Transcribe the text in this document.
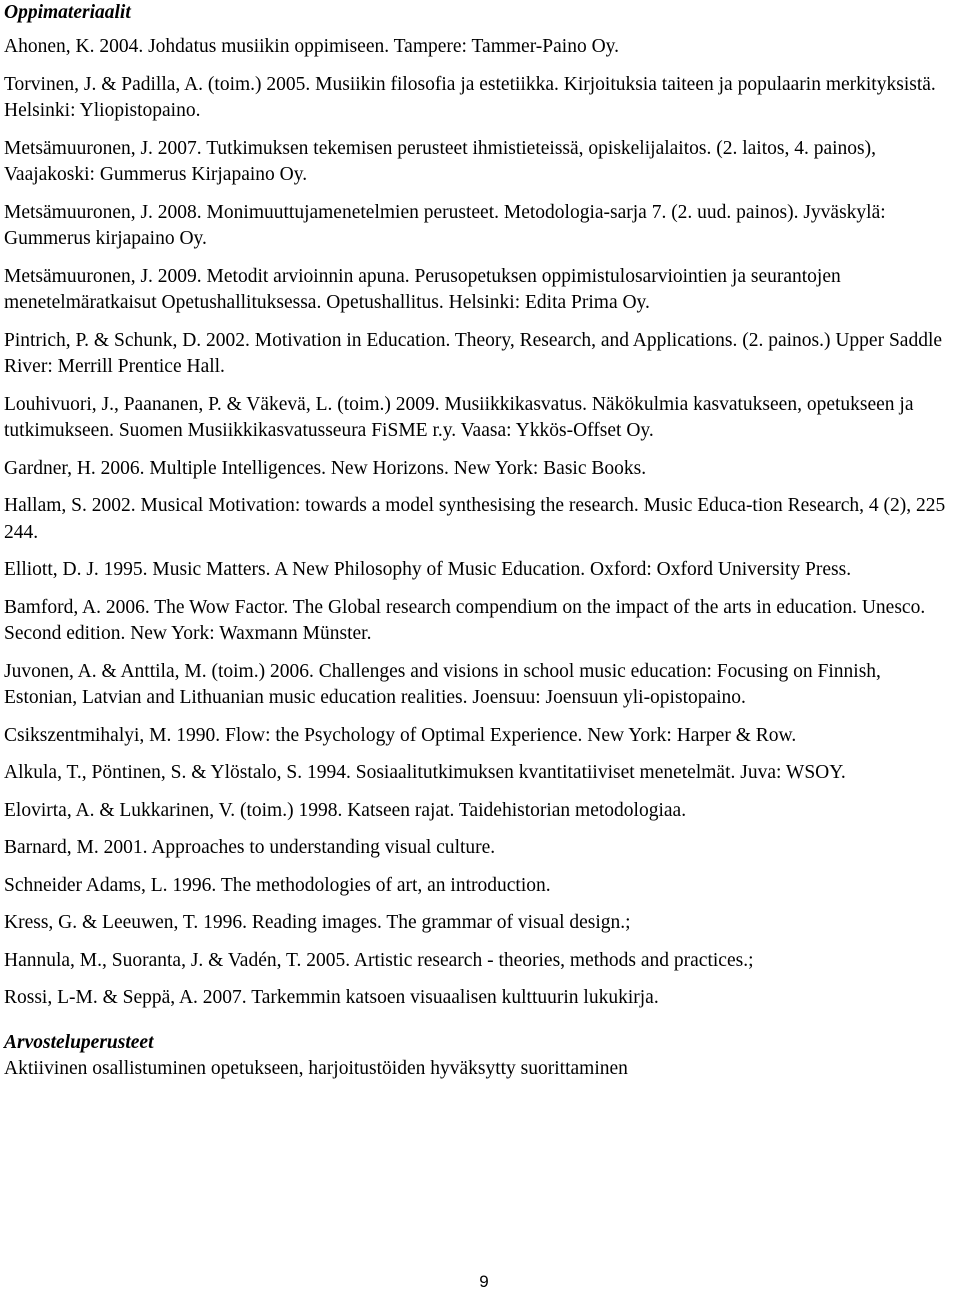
Oppimateriaalit
Ahonen, K. 2004. Johdatus musiikin oppimiseen. Tampere: Tammer-Paino Oy.
Torvinen, J. & Padilla, A. (toim.) 2005. Musiikin filosofia ja estetiikka. Kirjoituksia taiteen ja populaarin merkityksistä. Helsinki: Yliopistopaino.
Metsämuuronen, J. 2007. Tutkimuksen tekemisen perusteet ihmistieteissä, opiskelijalaitos. (2. laitos, 4. painos), Vaajakoski: Gummerus Kirjapaino Oy.
Metsämuuronen, J. 2008. Monimuuttujamenetelmien perusteet. Metodologia-sarja 7. (2. uud. painos). Jyväskylä: Gummerus kirjapaino Oy.
Metsämuuronen, J. 2009. Metodit arvioinnin apuna. Perusopetuksen oppimistulosarviointien ja seurantojen menetelmäratkaisut Opetushallituksessa. Opetushallitus. Helsinki: Edita Prima Oy.
Pintrich, P. & Schunk, D. 2002. Motivation in Education. Theory, Research, and Applications. (2. painos.) Upper Saddle River: Merrill Prentice Hall.
Louhivuori, J., Paananen, P. & Väkevä, L. (toim.) 2009. Musiikkikasvatus. Näkökulmia kasvatukseen, opetukseen ja tutkimukseen. Suomen Musiikkikasvatusseura FiSME r.y. Vaasa: Ykkös-Offset Oy.
Gardner, H. 2006. Multiple Intelligences. New Horizons. New York: Basic Books.
Hallam, S. 2002. Musical Motivation: towards a model synthesising the research. Music Educa-tion Research, 4 (2), 225 244.
Elliott, D. J. 1995. Music Matters. A New Philosophy of Music Education. Oxford: Oxford University Press.
Bamford, A. 2006. The Wow Factor. The Global research compendium on the impact of the arts in education. Unesco. Second edition. New York: Waxmann Münster.
Juvonen, A. & Anttila, M. (toim.) 2006. Challenges and visions in school music education: Focusing on Finnish, Estonian, Latvian and Lithuanian music education realities. Joensuu: Joensuun yli-opistopaino.
Csikszentmihalyi, M. 1990. Flow: the Psychology of Optimal Experience. New York: Harper & Row.
Alkula, T., Pöntinen, S. & Ylöstalo, S. 1994. Sosiaalitutkimuksen kvantitatiiviset menetelmät. Juva: WSOY.
Elovirta, A. & Lukkarinen, V. (toim.) 1998. Katseen rajat. Taidehistorian metodologiaa.
Barnard, M. 2001. Approaches to understanding visual culture.
Schneider Adams, L. 1996. The methodologies of art, an introduction.
Kress, G. & Leeuwen, T. 1996. Reading images. The grammar of visual design.;
Hannula, M., Suoranta, J. & Vadén, T. 2005. Artistic research - theories, methods and practices.;
Rossi, L-M. & Seppä, A. 2007. Tarkemmin katsoen visuaalisen kulttuurin lukukirja.
Arvosteluperusteet

Aktiivinen osallistuminen opetukseen, harjoitustöiden hyväksytty suorittaminen

9
